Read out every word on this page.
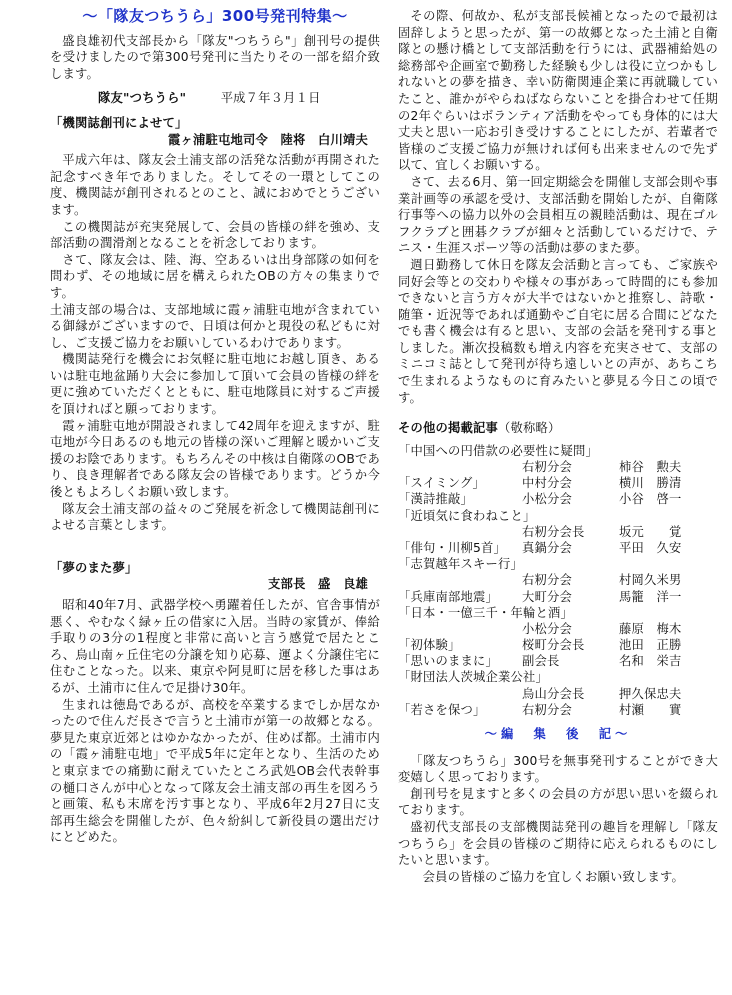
～「隊友つちうら」300号発刊特集～

盛良雄初代支部長から「隊友"つちうら"」創刊号の提供を受けましたので第300号発刊に当たりその一部を紹介致します。

隊友"つちうら"	平成７年３月１日
「機関誌創刊によせて」
霞ヶ浦駐屯地司令　陸将　白川靖夫

平成六年は、隊友会土浦支部の活発な活動が再開された記念すべき年でありました。そしてその一環としてこの度、機関誌が創刊されるとのこと、誠におめでとうございます。

この機関誌が充実発展して、会員の皆様の絆を強め、支部活動の潤滑剤となることを祈念しております。

さて、隊友会は、陸、海、空あるいは出身部隊の如何を問わず、その地域に居を構えられたOBの方々の集まりです。

土浦支部の場合は、支部地域に霞ヶ浦駐屯地が含まれている御縁がございますので、日頃は何かと現役の私どもに対し、ご支援ご協力をお願いしているわけであります。

機関誌発行を機会にお気軽に駐屯地にお越し頂き、あるいは駐屯地盆踊り大会に参加して頂いて会員の皆様の絆を更に強めていただくとともに、駐屯地隊員に対するご声援を頂ければと願っております。

霞ヶ浦駐屯地が開設されまして42周年を迎えますが、駐屯地が今日あるのも地元の皆様の深いご理解と暖かいご支援のお陰であります。もちろんその中核は自衛隊のOBであり、良き理解者である隊友会の皆様であります。どうか今後ともよろしくお願い致します。

隊友会土浦支部の益々のご発展を祈念して機関誌創刊によせる言葉とします。

「夢のまた夢」
支部長　盛　良雄

昭和40年7月、武器学校へ勇躍着任したが、官舎事情が悪く、やむなく緑ヶ丘の借家に入居。当時の家賃が、俸給手取りの3分の1程度と非常に高いと言う感覚で居たところ、烏山南ヶ丘住宅の分譲を知り応募、運よく分譲住宅に住むことなった。以来、東京や阿見町に居を移した事はあるが、土浦市に住んで足掛け30年。

生まれは徳島であるが、高校を卒業するまでしか居なかったので住んだ長さで言うと土浦市が第一の故郷となる。夢見た東京近郊とはゆかなかったが、住めば都。土浦市内の「霞ヶ浦駐屯地」で平成5年に定年となり、生活のためと東京までの痛勤に耐えていたところ武処OB会代表幹事の樋口さんが中心となって隊友会土浦支部の再生を図ろうと画策、私も末席を汚す事となり、平成6年2月27日に支部再生総会を開催したが、色々紛糾して新役員の選出だけにとどめた。

その際、何故か、私が支部長候補となったので最初は固辞しようと思ったが、第一の故郷となった土浦と自衛隊との懸け橋として支部活動を行うには、武器補給処の総務部や企画室で勤務した経験も少しは役に立つかもしれないとの夢を描き、幸い防衛関連企業に再就職していたこと、誰かがやらねばならないことを掛合わせて任期の2年ぐらいはボランティア活動をやっても身体的には大丈夫と思い一応お引き受けすることにしたが、若輩者で皆様のご支援ご協力が無ければ何も出来ませんので先ず以て、宜しくお願いする。

さて、去る6月、第一回定期総会を開催し支部会則や事業計画等の承認を受け、支部活動を開始したが、自衛隊行事等への協力以外の会員相互の親睦活動は、現在ゴルフクラブと囲碁クラブが細々と活動しているだけで、テニス・生涯スポーツ等の活動は夢のまた夢。

週日勤務して休日を隊友会活動と言っても、ご家族や同好会等との交わりや様々の事があって時間的にも参加できないと言う方々が大半ではないかと推察し、詩歌・随筆・近況等であれば通勤やご自宅に居る合間にどなたでも書く機会は有ると思い、支部の会話を発刊する事としました。漸次投稿数も増え内容を充実させて、支部のミニコミ誌として発刊が待ち遠しいとの声が、あちこちで生まれるようなものに育みたいと夢見る今日この頃です。

その他の掲載記事（敬称略）
「中国への円借款の必要性に疑問」
右籾分会	柿谷　勲夫
「スイミング」	中村分会	横川　勝清
「漢詩推敲」	小松分会	小谷　啓一
「近頃気に食わねこと」
右籾分会長	坂元　　覚
「俳句・川柳5首」	真鍋分会	平田　久安
「志賀越年スキー行」
右籾分会	村岡久米男
「兵庫南部地震」	大町分会	馬籠　洋一
「日本・一億三千・年輪と酒」
小松分会	藤原　梅木
「初体験」	桜町分会長	池田　正勝
「思いのままに」	副会長	名和　栄吉
「財団法人茨城企業公社」
烏山分会長	押久保忠夫
「若さを保つ」	右籾分会	村瀬　　實
～編　集　後　記～

「隊友つちうら」300号を無事発刊することができ大変嬉しく思っております。

創刊号を見ますと多くの会員の方が思い思いを綴られております。

盛初代支部長の支部機関誌発刊の趣旨を理解し「隊友つちうら」を会員の皆様のご期待に応えられるものにしたいと思います。

会員の皆様のご協力を宜しくお願い致します。
